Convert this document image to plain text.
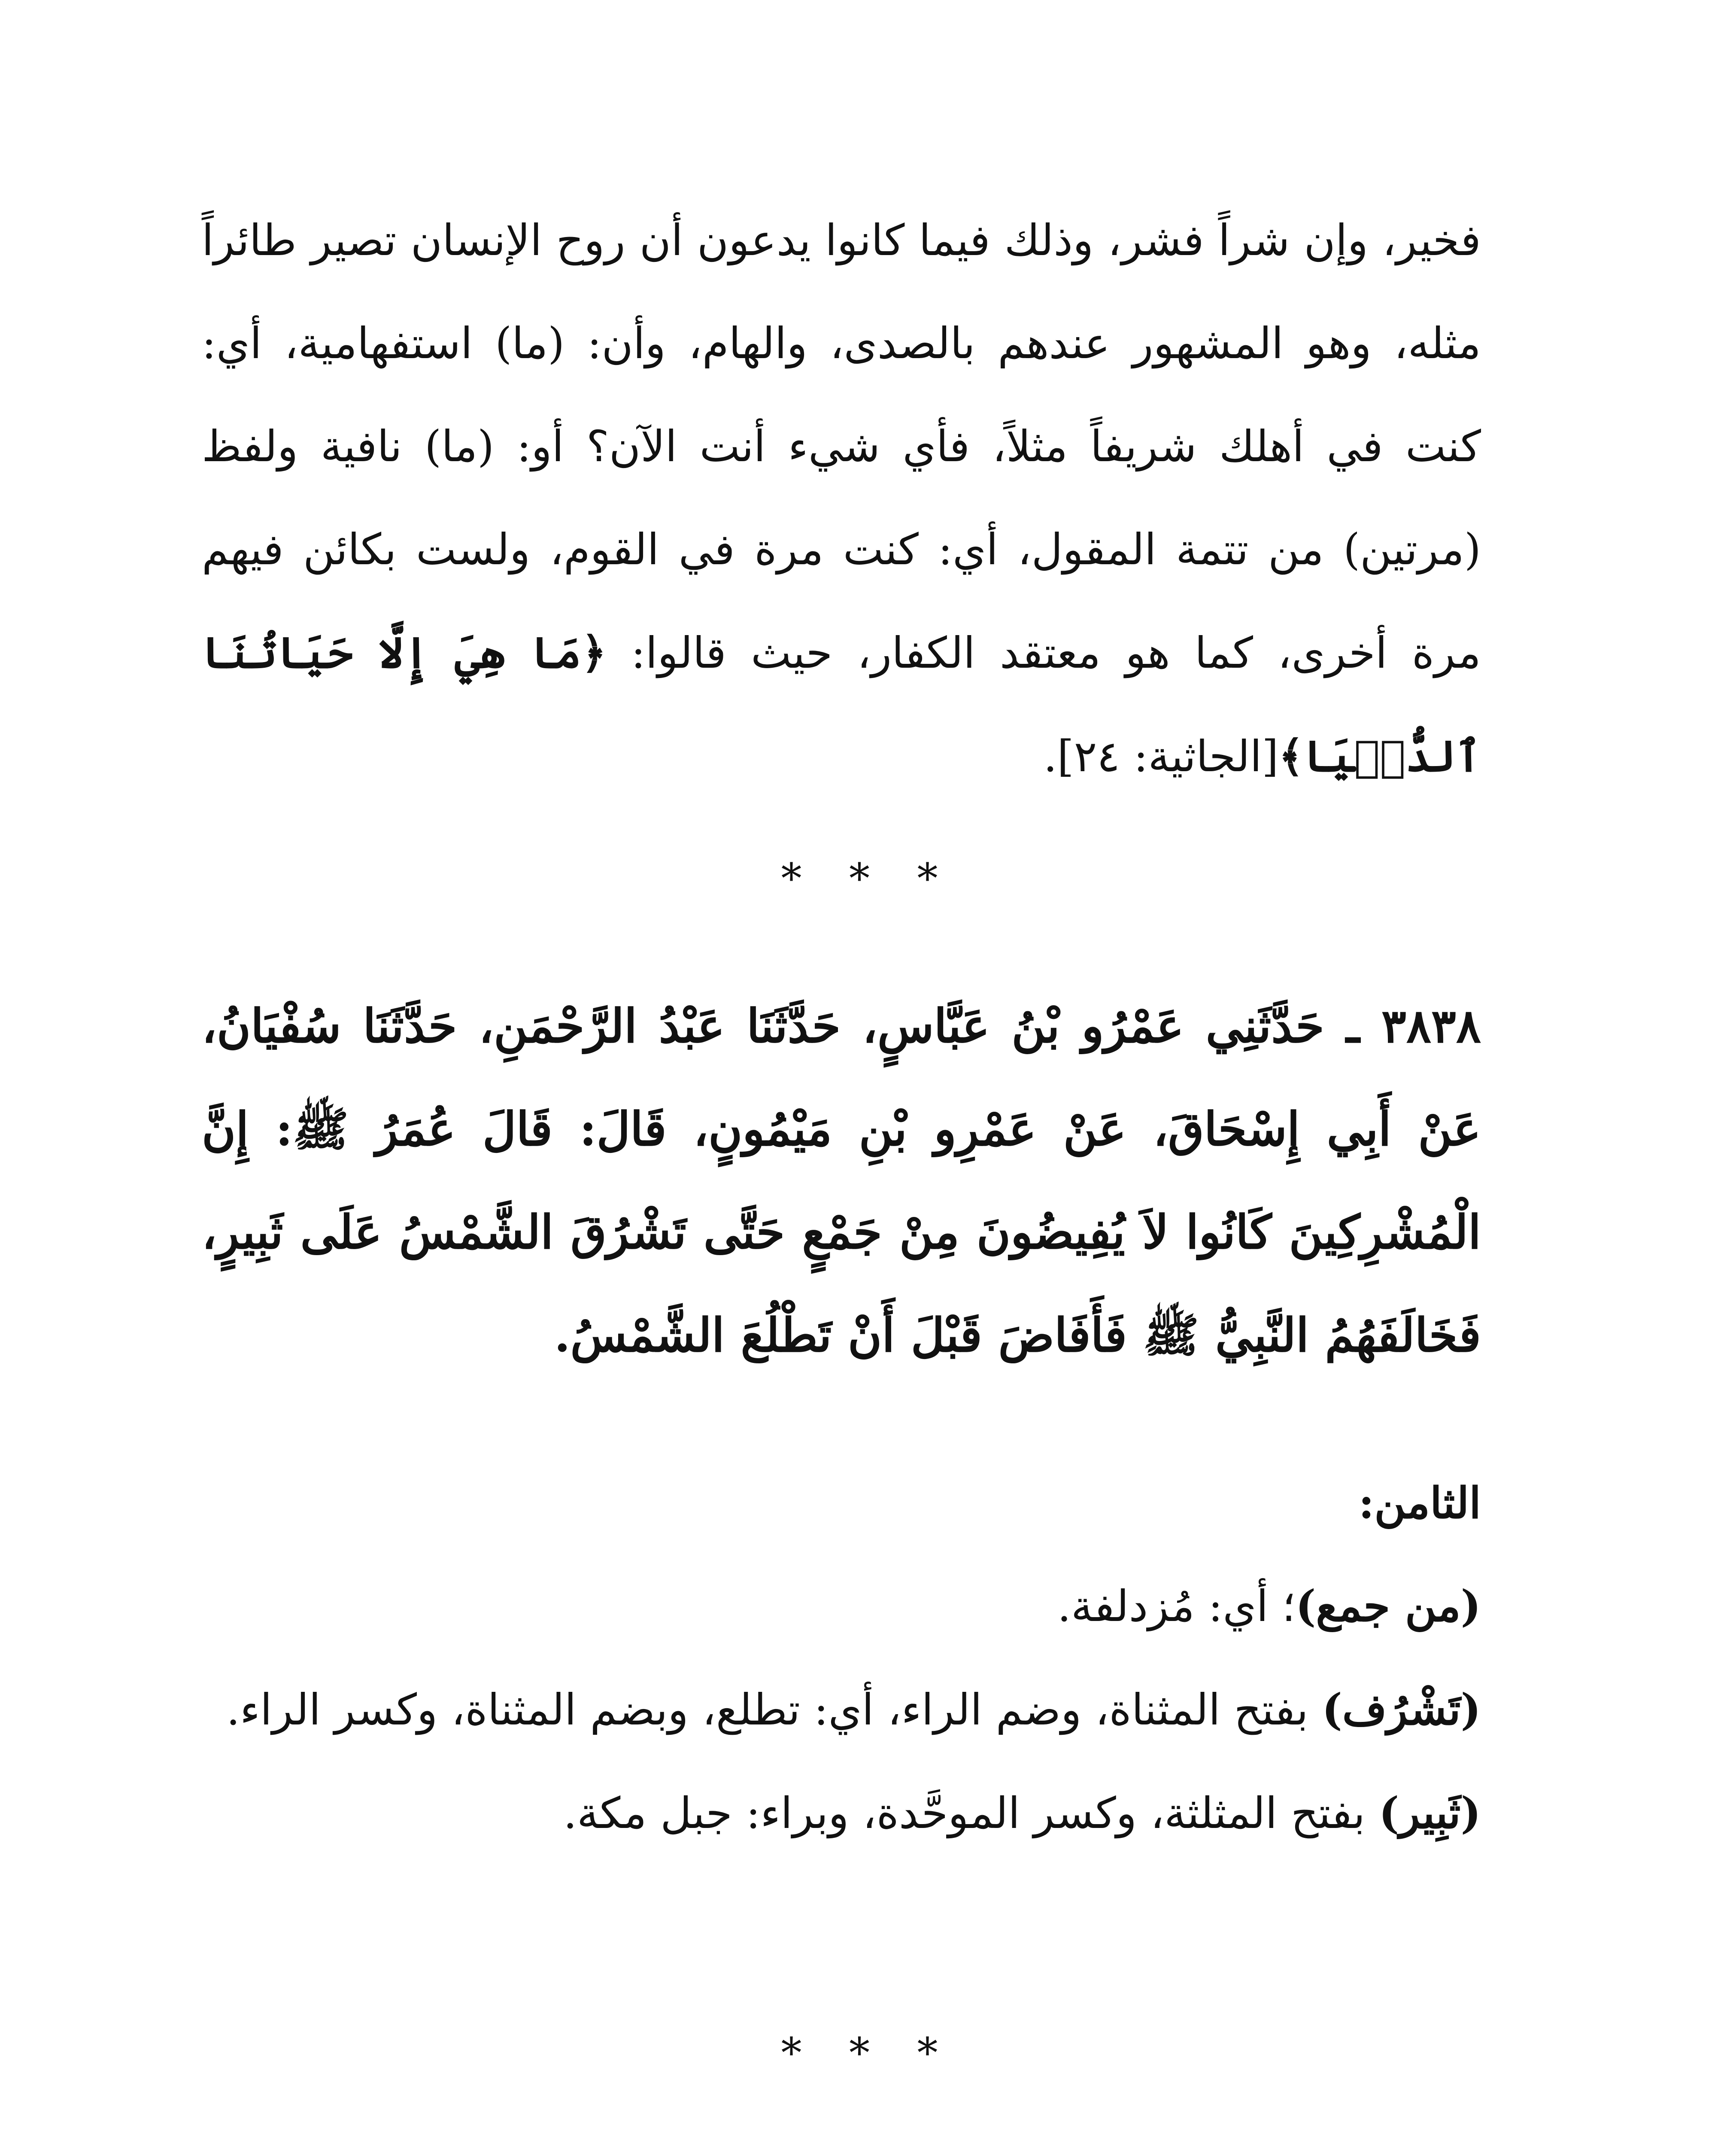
فخير، وإن شراً فشر، وذلك فيما كانوا يدعون أن روح الإنسان تصير طائراً مثله، وهو المشهور عندهم بالصدى، والهام، وأن: (ما) استفهامية، أي: كنت في أهلك شريفاً مثلاً، فأي شيء أنت الآن؟ أو: (ما) نافية ولفظ (مرتين) من تتمة المقول، أي: كنت مرة في القوم، ولست بكائن فيهم مرة أخرى، كما هو معتقد الكفار، حيث قالوا: ﴿مَا هِيَ إِلَّا حَيَاتُنَا ٱلدُّنۡيَا﴾[الجاثية: ٢٤].
* * *
٣٨٣٨ ـ حَدَّثَنِي عَمْرُو بْنُ عَبَّاسٍ، حَدَّثَنَا عَبْدُ الرَّحْمَنِ، حَدَّثَنَا سُفْيَانُ، عَنْ أَبِي إِسْحَاقَ، عَنْ عَمْرِو بْنِ مَيْمُونٍ، قَالَ: قَالَ عُمَرُ ﷺ: إِنَّ الْمُشْرِكِينَ كَانُوا لاَ يُفِيضُونَ مِنْ جَمْعٍ حَتَّى تَشْرُقَ الشَّمْسُ عَلَى ثَبِيرٍ، فَخَالَفَهُمُ النَّبِيُّ ﷺ فَأَفَاضَ قَبْلَ أَنْ تَطْلُعَ الشَّمْسُ.

الثامن:

(من جمع)؛ أي: مُزدلفة.

(تَشْرُف) بفتح المثناة، وضم الراء، أي: تطلع، وبضم المثناة، وكسر الراء.

(ثَبِير) بفتح المثلثة، وكسر الموحَّدة، وبراء: جبل مكة.

* * *
